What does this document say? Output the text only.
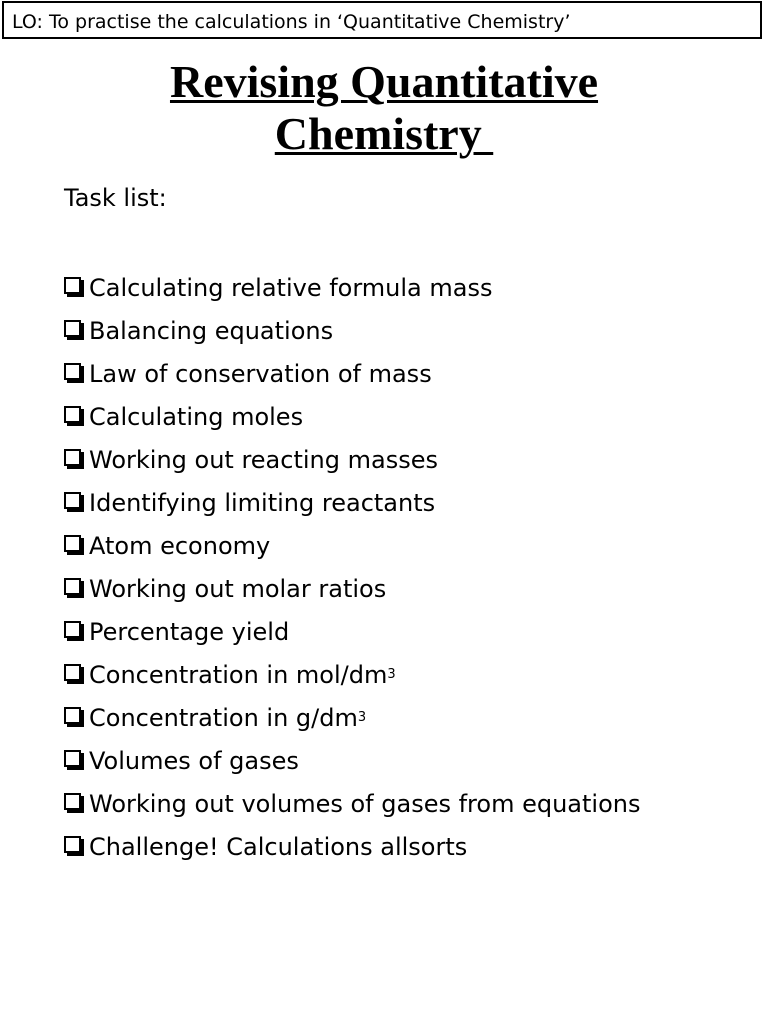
LO: To practise the calculations in ‘Quantitative Chemistry’
Revising Quantitative
Chemistry
Task list:
Calculating relative formula mass
Balancing equations
Law of conservation of mass
Calculating moles
Working out reacting masses
Identifying limiting reactants
Atom economy
Working out molar ratios
Percentage yield
Concentration in mol/dm 3
Concentration in g/dm 3
Volumes of gases
Working out volumes of gases from equations
Challenge! Calculations allsorts
